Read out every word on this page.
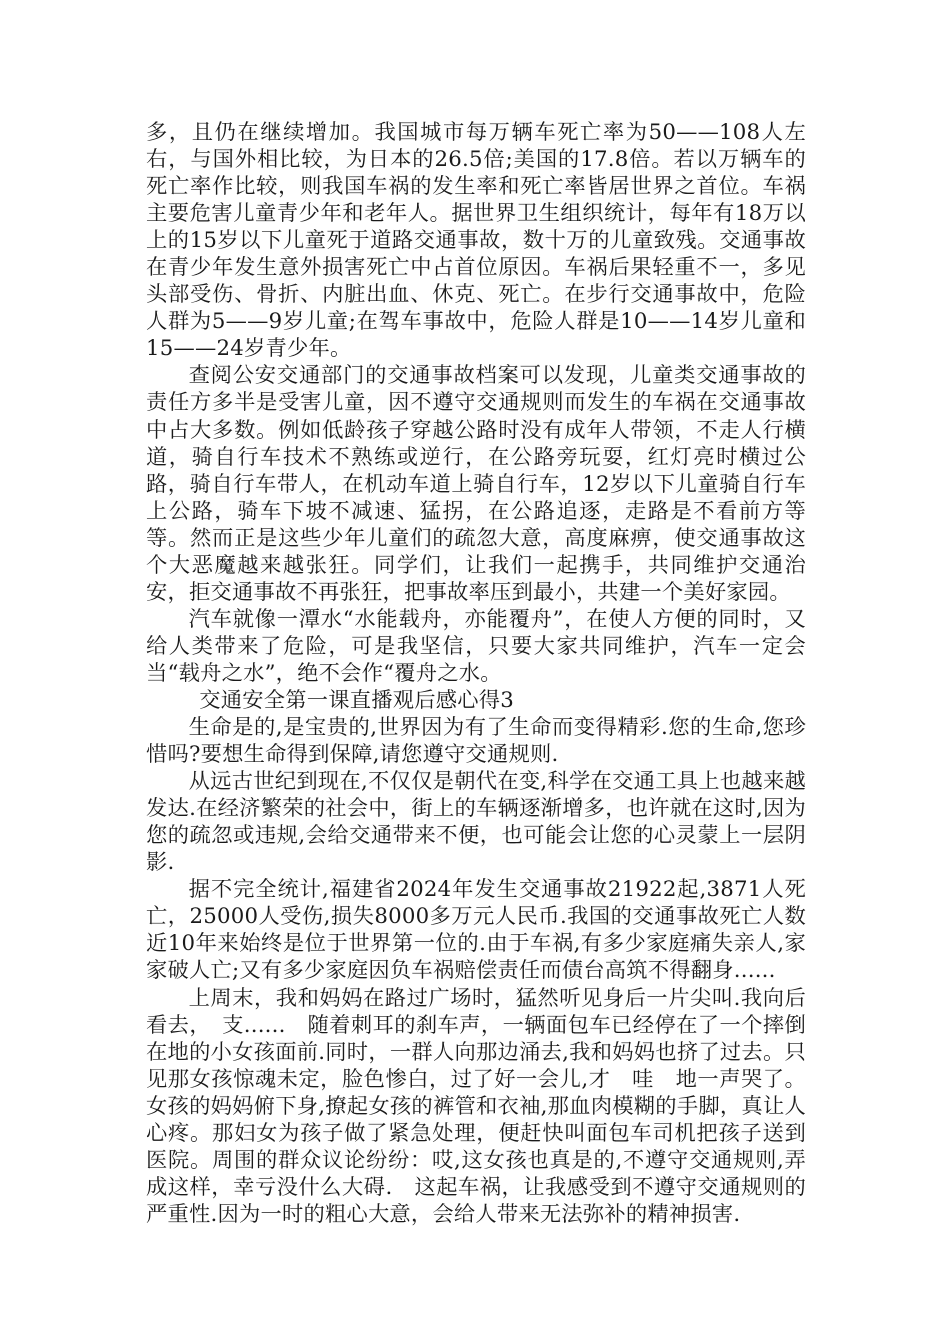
多，且仍在继续增加。我国城市每万辆车死亡率为50——108人左右，与国外相比较，为日本的26.5倍;美国的17.8倍。若以万辆车的死亡率作比较，则我国车祸的发生率和死亡率皆居世界之首位。车祸主要危害儿童青少年和老年人。据世界卫生组织统计，每年有18万以上的15岁以下儿童死于道路交通事故，数十万的儿童致残。交通事故在青少年发生意外损害死亡中占首位原因。车祸后果轻重不一，多见头部受伤、骨折、内脏出血、休克、死亡。在步行交通事故中，危险人群为5——9岁儿童;在驾车事故中，危险人群是10——14岁儿童和15——24岁青少年。

查阅公安交通部门的交通事故档案可以发现，儿童类交通事故的责任方多半是受害儿童，因不遵守交通规则而发生的车祸在交通事故中占大多数。例如低龄孩子穿越公路时没有成年人带领，不走人行横道，骑自行车技术不熟练或逆行，在公路旁玩耍，红灯亮时横过公路，骑自行车带人，在机动车道上骑自行车，12岁以下儿童骑自行车上公路，骑车下坡不减速、猛拐，在公路追逐，走路是不看前方等等。然而正是这些少年儿童们的疏忽大意，高度麻痹，使交通事故这个大恶魔越来越张狂。同学们，让我们一起携手，共同维护交通治安，拒交通事故不再张狂，把事故率压到最小，共建一个美好家园。

汽车就像一潭水“水能载舟，亦能覆舟”，在使人方便的同时，又给人类带来了危险，可是我坚信，只要大家共同维护，汽车一定会当“载舟之水”，绝不会作“覆舟之水。

交通安全第一课直播观后感心得3

生命是的,是宝贵的,世界因为有了生命而变得精彩.您的生命,您珍惜吗?要想生命得到保障,请您遵守交通规则.

从远古世纪到现在,不仅仅是朝代在变,科学在交通工具上也越来越发达.在经济繁荣的社会中，街上的车辆逐渐增多，也许就在这时,因为您的疏忽或违规,会给交通带来不便，也可能会让您的心灵蒙上一层阴影.

据不完全统计,福建省2024年发生交通事故21922起,3871人死亡，25000人受伤,损失8000多万元人民币.我国的交通事故死亡人数近10年来始终是位于世界第一位的.由于车祸,有多少家庭痛失亲人,家家破人亡;又有多少家庭因负车祸赔偿责任而债台高筑不得翻身......

上周末，我和妈妈在路过广场时，猛然听见身后一片尖叫.我向后看去，　支......　随着刺耳的刹车声，一辆面包车已经停在了一个摔倒在地的小女孩面前.同时，一群人向那边涌去,我和妈妈也挤了过去。只见那女孩惊魂未定，脸色惨白，过了好一会儿,才　哇　地一声哭了。女孩的妈妈俯下身,撩起女孩的裤管和衣袖,那血肉模糊的手脚，真让人心疼。那妇女为孩子做了紧急处理，便赶快叫面包车司机把孩子送到医院。周围的群众议论纷纷：哎,这女孩也真是的,不遵守交通规则,弄成这样，幸亏没什么大碍.　这起车祸，让我感受到不遵守交通规则的严重性.因为一时的粗心大意，会给人带来无法弥补的精神损害.
